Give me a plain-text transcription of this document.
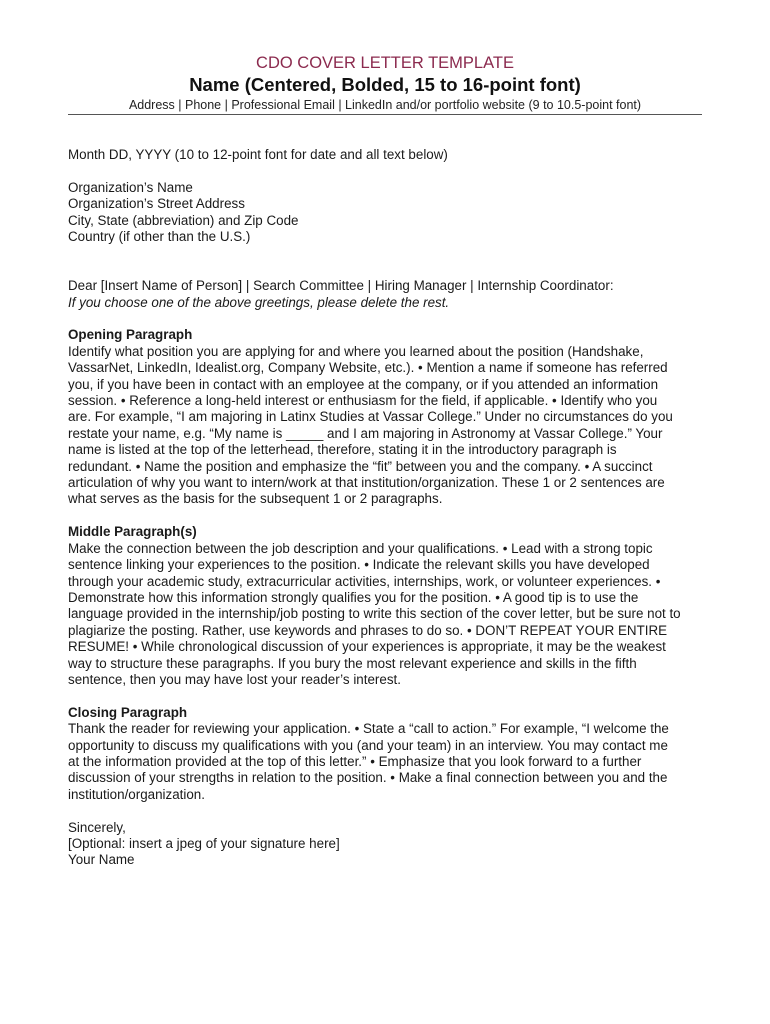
CDO COVER LETTER TEMPLATE
Name (Centered, Bolded, 15 to 16-point font)
Address | Phone | Professional Email | LinkedIn and/or portfolio website (9 to 10.5-point font)
Month DD, YYYY (10 to 12-point font for date and all text below)
Organization’s Name
Organization’s Street Address
City, State (abbreviation) and Zip Code
Country (if other than the U.S.)
Dear [Insert Name of Person] | Search Committee | Hiring Manager | Internship Coordinator:
If you choose one of the above greetings, please delete the rest.
Opening Paragraph
Identify what position you are applying for and where you learned about the position (Handshake,
VassarNet, LinkedIn, Idealist.org, Company Website, etc.). • Mention a name if someone has referred
you, if you have been in contact with an employee at the company, or if you attended an information
session. • Reference a long-held interest or enthusiasm for the field, if applicable. • Identify who you
are. For example, “I am majoring in Latinx Studies at Vassar College.” Under no circumstances do you
restate your name, e.g. “My name is _____ and I am majoring in Astronomy at Vassar College.” Your
name is listed at the top of the letterhead, therefore, stating it in the introductory paragraph is
redundant. • Name the position and emphasize the “fit” between you and the company. • A succinct
articulation of why you want to intern/work at that institution/organization. These 1 or 2 sentences are
what serves as the basis for the subsequent 1 or 2 paragraphs.
Middle Paragraph(s)
Make the connection between the job description and your qualifications. • Lead with a strong topic
sentence linking your experiences to the position. • Indicate the relevant skills you have developed
through your academic study, extracurricular activities, internships, work, or volunteer experiences. •
Demonstrate how this information strongly qualifies you for the position. • A good tip is to use the
language provided in the internship/job posting to write this section of the cover letter, but be sure not to
plagiarize the posting. Rather, use keywords and phrases to do so. • DON’T REPEAT YOUR ENTIRE
RESUME! • While chronological discussion of your experiences is appropriate, it may be the weakest
way to structure these paragraphs. If you bury the most relevant experience and skills in the fifth
sentence, then you may have lost your reader’s interest.
Closing Paragraph
Thank the reader for reviewing your application. • State a “call to action.” For example, “I welcome the
opportunity to discuss my qualifications with you (and your team) in an interview. You may contact me
at the information provided at the top of this letter.” • Emphasize that you look forward to a further
discussion of your strengths in relation to the position. • Make a final connection between you and the
institution/organization.
Sincerely,
[Optional: insert a jpeg of your signature here]
Your Name
